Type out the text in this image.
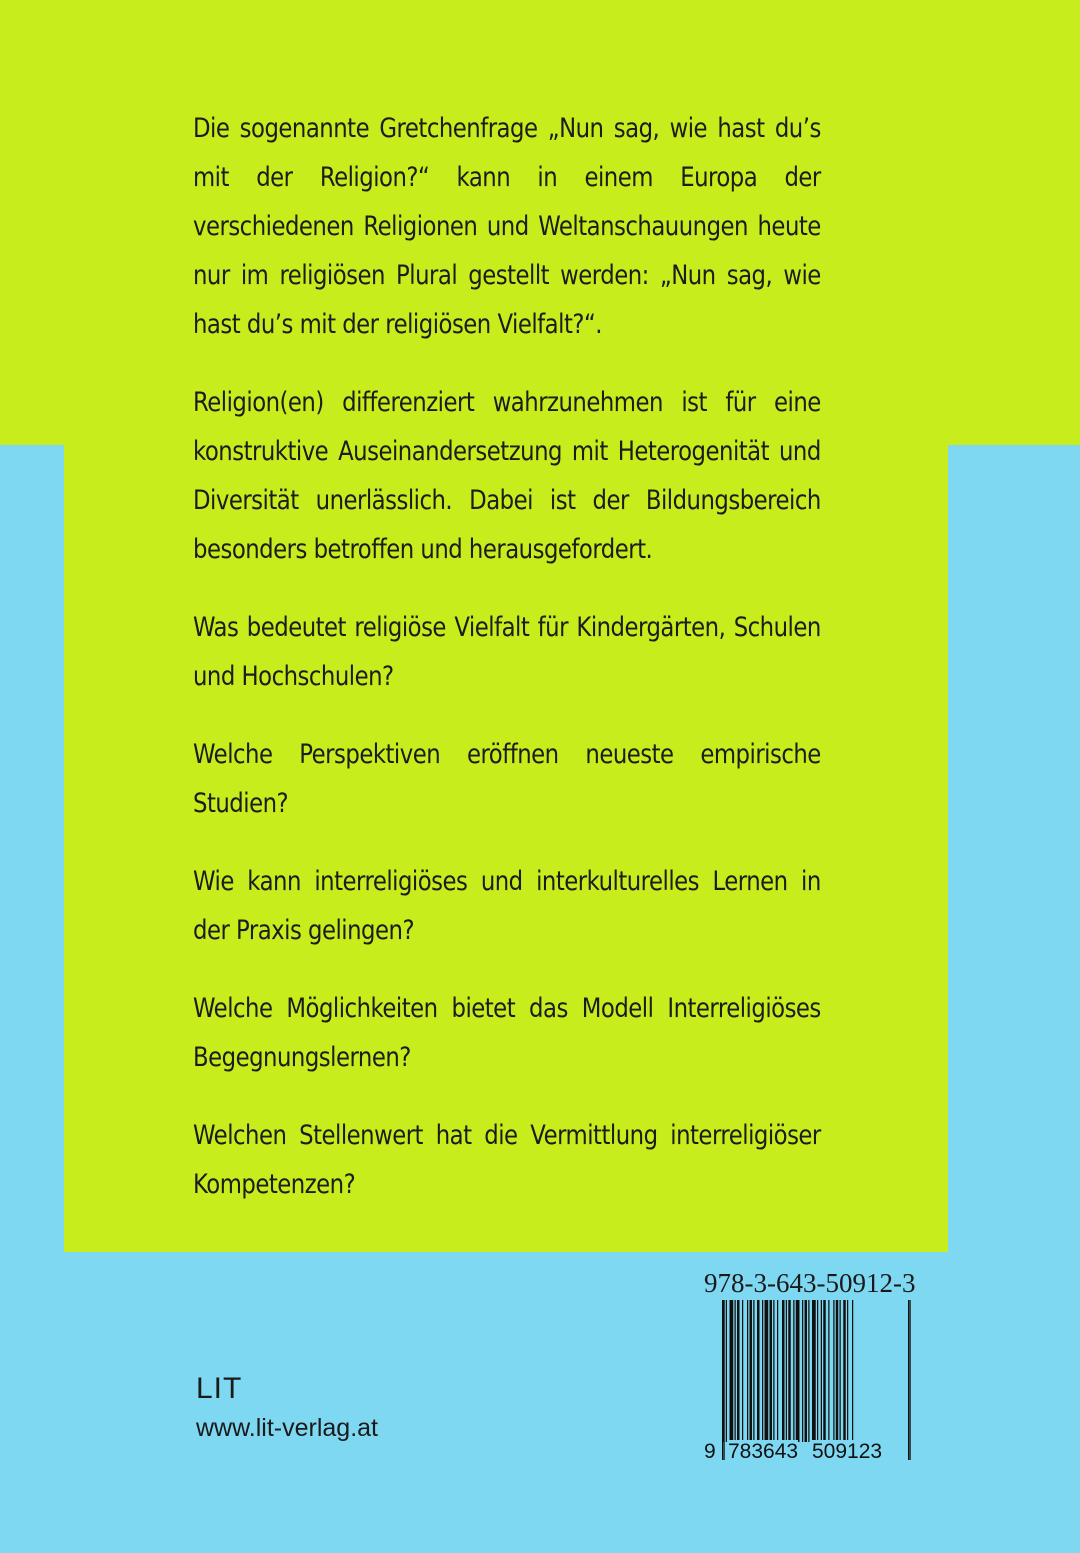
Die sogenannte Gretchenfrage „Nun sag, wie hast du’s mit der Religion?“ kann in einem Europa der verschiedenen Religionen und Weltanschauungen heute nur im religiösen Plural gestellt werden: „Nun sag, wie hast du’s mit der religiösen Vielfalt?“.

Religion(en) differenziert wahrzunehmen ist für eine konstruktive Auseinandersetzung mit Heterogenität und Diversität unerlässlich. Dabei ist der Bildungsbereich besonders betroffen und herausgefordert.

Was bedeutet religiöse Vielfalt für Kindergärten, Schulen und Hochschulen?

Welche Perspektiven eröffnen neueste empirische Studien?

Wie kann interreligiöses und interkulturelles Lernen in der Praxis gelingen?

Welche Möglichkeiten bietet das Modell Interreligiöses Begegnungslernen?

Welchen Stellenwert hat die Vermittlung interreligiöser Kompetenzen?

LIT
www.lit-verlag.at
978-3-643-50912-3
9 783643 509123
